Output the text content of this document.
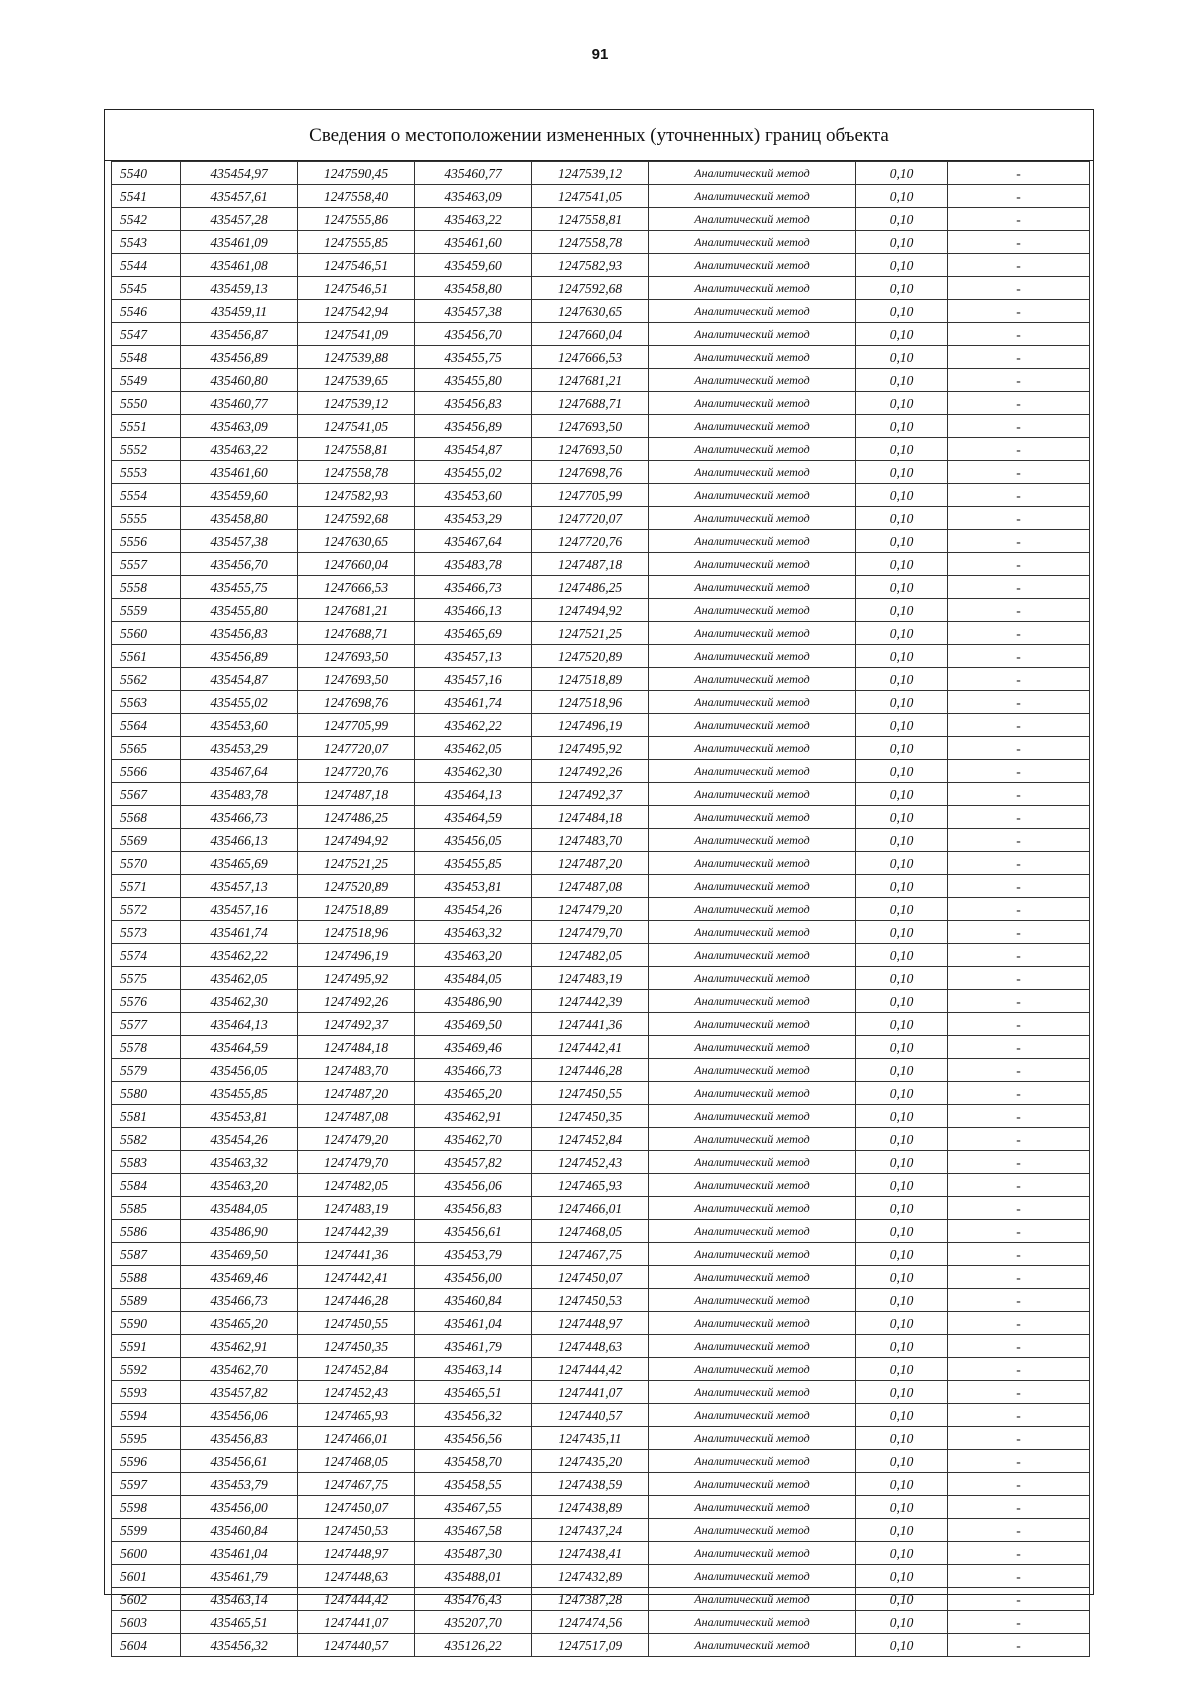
91
Сведения о местоположении измененных (уточненных) границ объекта
5540	435454,97	1247590,45	435460,77	1247539,12	Аналитический метод	0,10	-
5541	435457,61	1247558,40	435463,09	1247541,05	Аналитический метод	0,10	-
5542	435457,28	1247555,86	435463,22	1247558,81	Аналитический метод	0,10	-
5543	435461,09	1247555,85	435461,60	1247558,78	Аналитический метод	0,10	-
5544	435461,08	1247546,51	435459,60	1247582,93	Аналитический метод	0,10	-
5545	435459,13	1247546,51	435458,80	1247592,68	Аналитический метод	0,10	-
5546	435459,11	1247542,94	435457,38	1247630,65	Аналитический метод	0,10	-
5547	435456,87	1247541,09	435456,70	1247660,04	Аналитический метод	0,10	-
5548	435456,89	1247539,88	435455,75	1247666,53	Аналитический метод	0,10	-
5549	435460,80	1247539,65	435455,80	1247681,21	Аналитический метод	0,10	-
5550	435460,77	1247539,12	435456,83	1247688,71	Аналитический метод	0,10	-
5551	435463,09	1247541,05	435456,89	1247693,50	Аналитический метод	0,10	-
5552	435463,22	1247558,81	435454,87	1247693,50	Аналитический метод	0,10	-
5553	435461,60	1247558,78	435455,02	1247698,76	Аналитический метод	0,10	-
5554	435459,60	1247582,93	435453,60	1247705,99	Аналитический метод	0,10	-
5555	435458,80	1247592,68	435453,29	1247720,07	Аналитический метод	0,10	-
5556	435457,38	1247630,65	435467,64	1247720,76	Аналитический метод	0,10	-
5557	435456,70	1247660,04	435483,78	1247487,18	Аналитический метод	0,10	-
5558	435455,75	1247666,53	435466,73	1247486,25	Аналитический метод	0,10	-
5559	435455,80	1247681,21	435466,13	1247494,92	Аналитический метод	0,10	-
5560	435456,83	1247688,71	435465,69	1247521,25	Аналитический метод	0,10	-
5561	435456,89	1247693,50	435457,13	1247520,89	Аналитический метод	0,10	-
5562	435454,87	1247693,50	435457,16	1247518,89	Аналитический метод	0,10	-
5563	435455,02	1247698,76	435461,74	1247518,96	Аналитический метод	0,10	-
5564	435453,60	1247705,99	435462,22	1247496,19	Аналитический метод	0,10	-
5565	435453,29	1247720,07	435462,05	1247495,92	Аналитический метод	0,10	-
5566	435467,64	1247720,76	435462,30	1247492,26	Аналитический метод	0,10	-
5567	435483,78	1247487,18	435464,13	1247492,37	Аналитический метод	0,10	-
5568	435466,73	1247486,25	435464,59	1247484,18	Аналитический метод	0,10	-
5569	435466,13	1247494,92	435456,05	1247483,70	Аналитический метод	0,10	-
5570	435465,69	1247521,25	435455,85	1247487,20	Аналитический метод	0,10	-
5571	435457,13	1247520,89	435453,81	1247487,08	Аналитический метод	0,10	-
5572	435457,16	1247518,89	435454,26	1247479,20	Аналитический метод	0,10	-
5573	435461,74	1247518,96	435463,32	1247479,70	Аналитический метод	0,10	-
5574	435462,22	1247496,19	435463,20	1247482,05	Аналитический метод	0,10	-
5575	435462,05	1247495,92	435484,05	1247483,19	Аналитический метод	0,10	-
5576	435462,30	1247492,26	435486,90	1247442,39	Аналитический метод	0,10	-
5577	435464,13	1247492,37	435469,50	1247441,36	Аналитический метод	0,10	-
5578	435464,59	1247484,18	435469,46	1247442,41	Аналитический метод	0,10	-
5579	435456,05	1247483,70	435466,73	1247446,28	Аналитический метод	0,10	-
5580	435455,85	1247487,20	435465,20	1247450,55	Аналитический метод	0,10	-
5581	435453,81	1247487,08	435462,91	1247450,35	Аналитический метод	0,10	-
5582	435454,26	1247479,20	435462,70	1247452,84	Аналитический метод	0,10	-
5583	435463,32	1247479,70	435457,82	1247452,43	Аналитический метод	0,10	-
5584	435463,20	1247482,05	435456,06	1247465,93	Аналитический метод	0,10	-
5585	435484,05	1247483,19	435456,83	1247466,01	Аналитический метод	0,10	-
5586	435486,90	1247442,39	435456,61	1247468,05	Аналитический метод	0,10	-
5587	435469,50	1247441,36	435453,79	1247467,75	Аналитический метод	0,10	-
5588	435469,46	1247442,41	435456,00	1247450,07	Аналитический метод	0,10	-
5589	435466,73	1247446,28	435460,84	1247450,53	Аналитический метод	0,10	-
5590	435465,20	1247450,55	435461,04	1247448,97	Аналитический метод	0,10	-
5591	435462,91	1247450,35	435461,79	1247448,63	Аналитический метод	0,10	-
5592	435462,70	1247452,84	435463,14	1247444,42	Аналитический метод	0,10	-
5593	435457,82	1247452,43	435465,51	1247441,07	Аналитический метод	0,10	-
5594	435456,06	1247465,93	435456,32	1247440,57	Аналитический метод	0,10	-
5595	435456,83	1247466,01	435456,56	1247435,11	Аналитический метод	0,10	-
5596	435456,61	1247468,05	435458,70	1247435,20	Аналитический метод	0,10	-
5597	435453,79	1247467,75	435458,55	1247438,59	Аналитический метод	0,10	-
5598	435456,00	1247450,07	435467,55	1247438,89	Аналитический метод	0,10	-
5599	435460,84	1247450,53	435467,58	1247437,24	Аналитический метод	0,10	-
5600	435461,04	1247448,97	435487,30	1247438,41	Аналитический метод	0,10	-
5601	435461,79	1247448,63	435488,01	1247432,89	Аналитический метод	0,10	-
5602	435463,14	1247444,42	435476,43	1247387,28	Аналитический метод	0,10	-
5603	435465,51	1247441,07	435207,70	1247474,56	Аналитический метод	0,10	-
5604	435456,32	1247440,57	435126,22	1247517,09	Аналитический метод	0,10	-
